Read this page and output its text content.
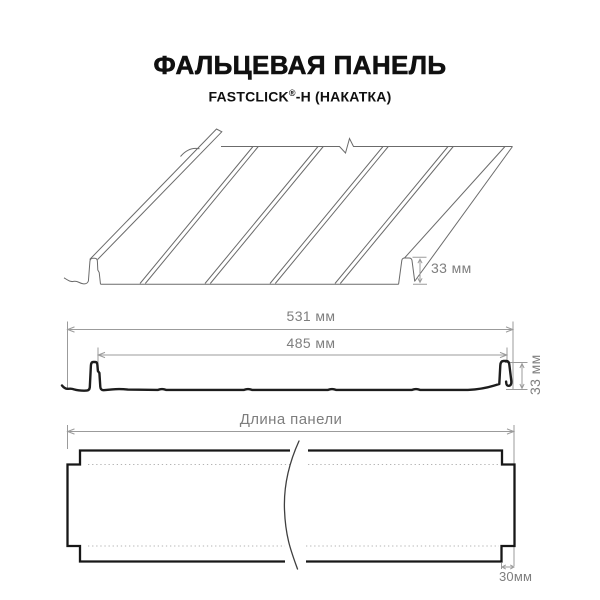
ФАЛЬЦЕВАЯ ПАНЕЛЬ
FASTCLICK®-H (НАКАТКА)
33 мм
531 мм
485 мм
33 мм
Длина панели
30мм
